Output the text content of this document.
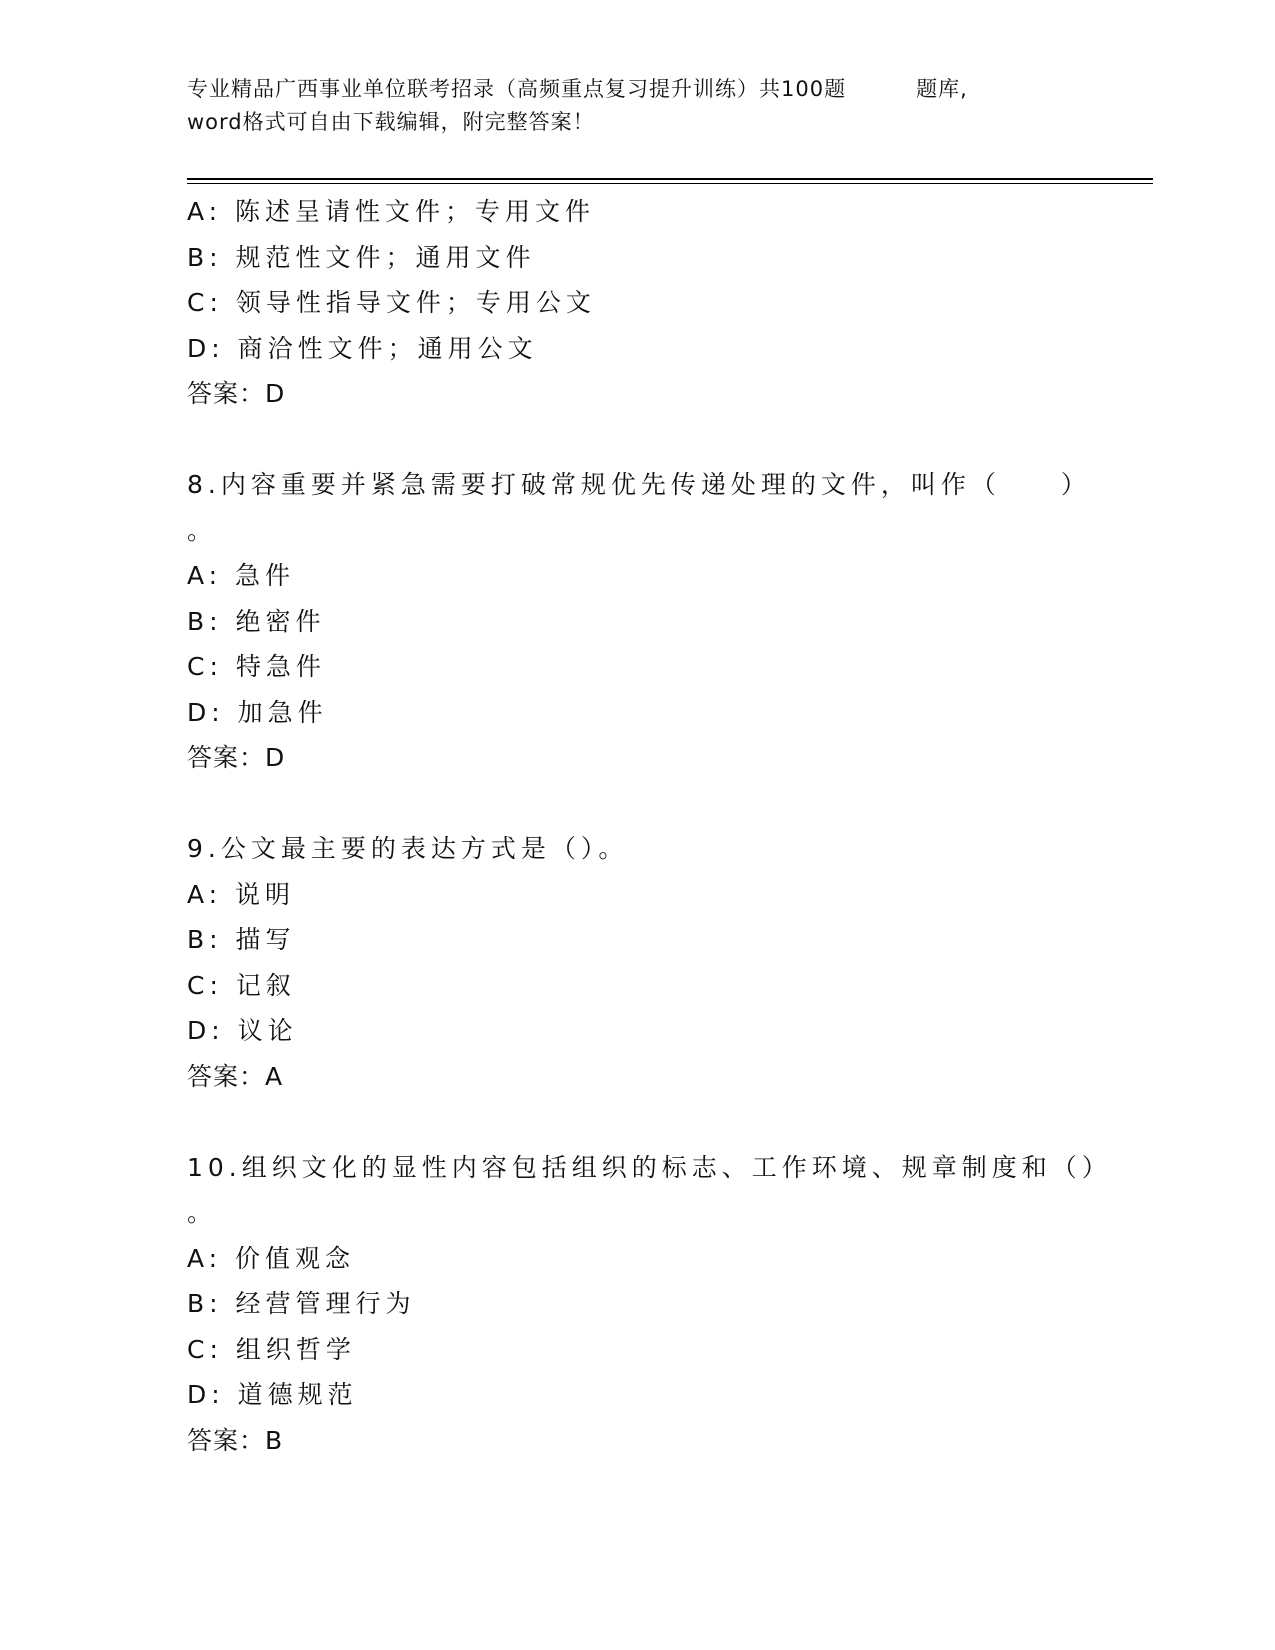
专业精品广西事业单位联考招录（高频重点复习提升训练）共100题	题库,
word格式可自由下载编辑，附完整答案！
A: 陈述呈请性文件；专用文件
B: 规范性文件；通用文件
C: 领导性指导文件；专用公文
D: 商洽性文件；通用公文
答案：D
8.内容重要并紧急需要打破常规优先传递处理的文件，叫作（　　）
。
A: 急件
B: 绝密件
C: 特急件
D: 加急件
答案：D
9.公文最主要的表达方式是（）。
A: 说明
B: 描写
C: 记叙
D: 议论
答案：A
10.组织文化的显性内容包括组织的标志、工作环境、规章制度和（）
。
A: 价值观念
B: 经营管理行为
C: 组织哲学
D: 道德规范
答案：B
